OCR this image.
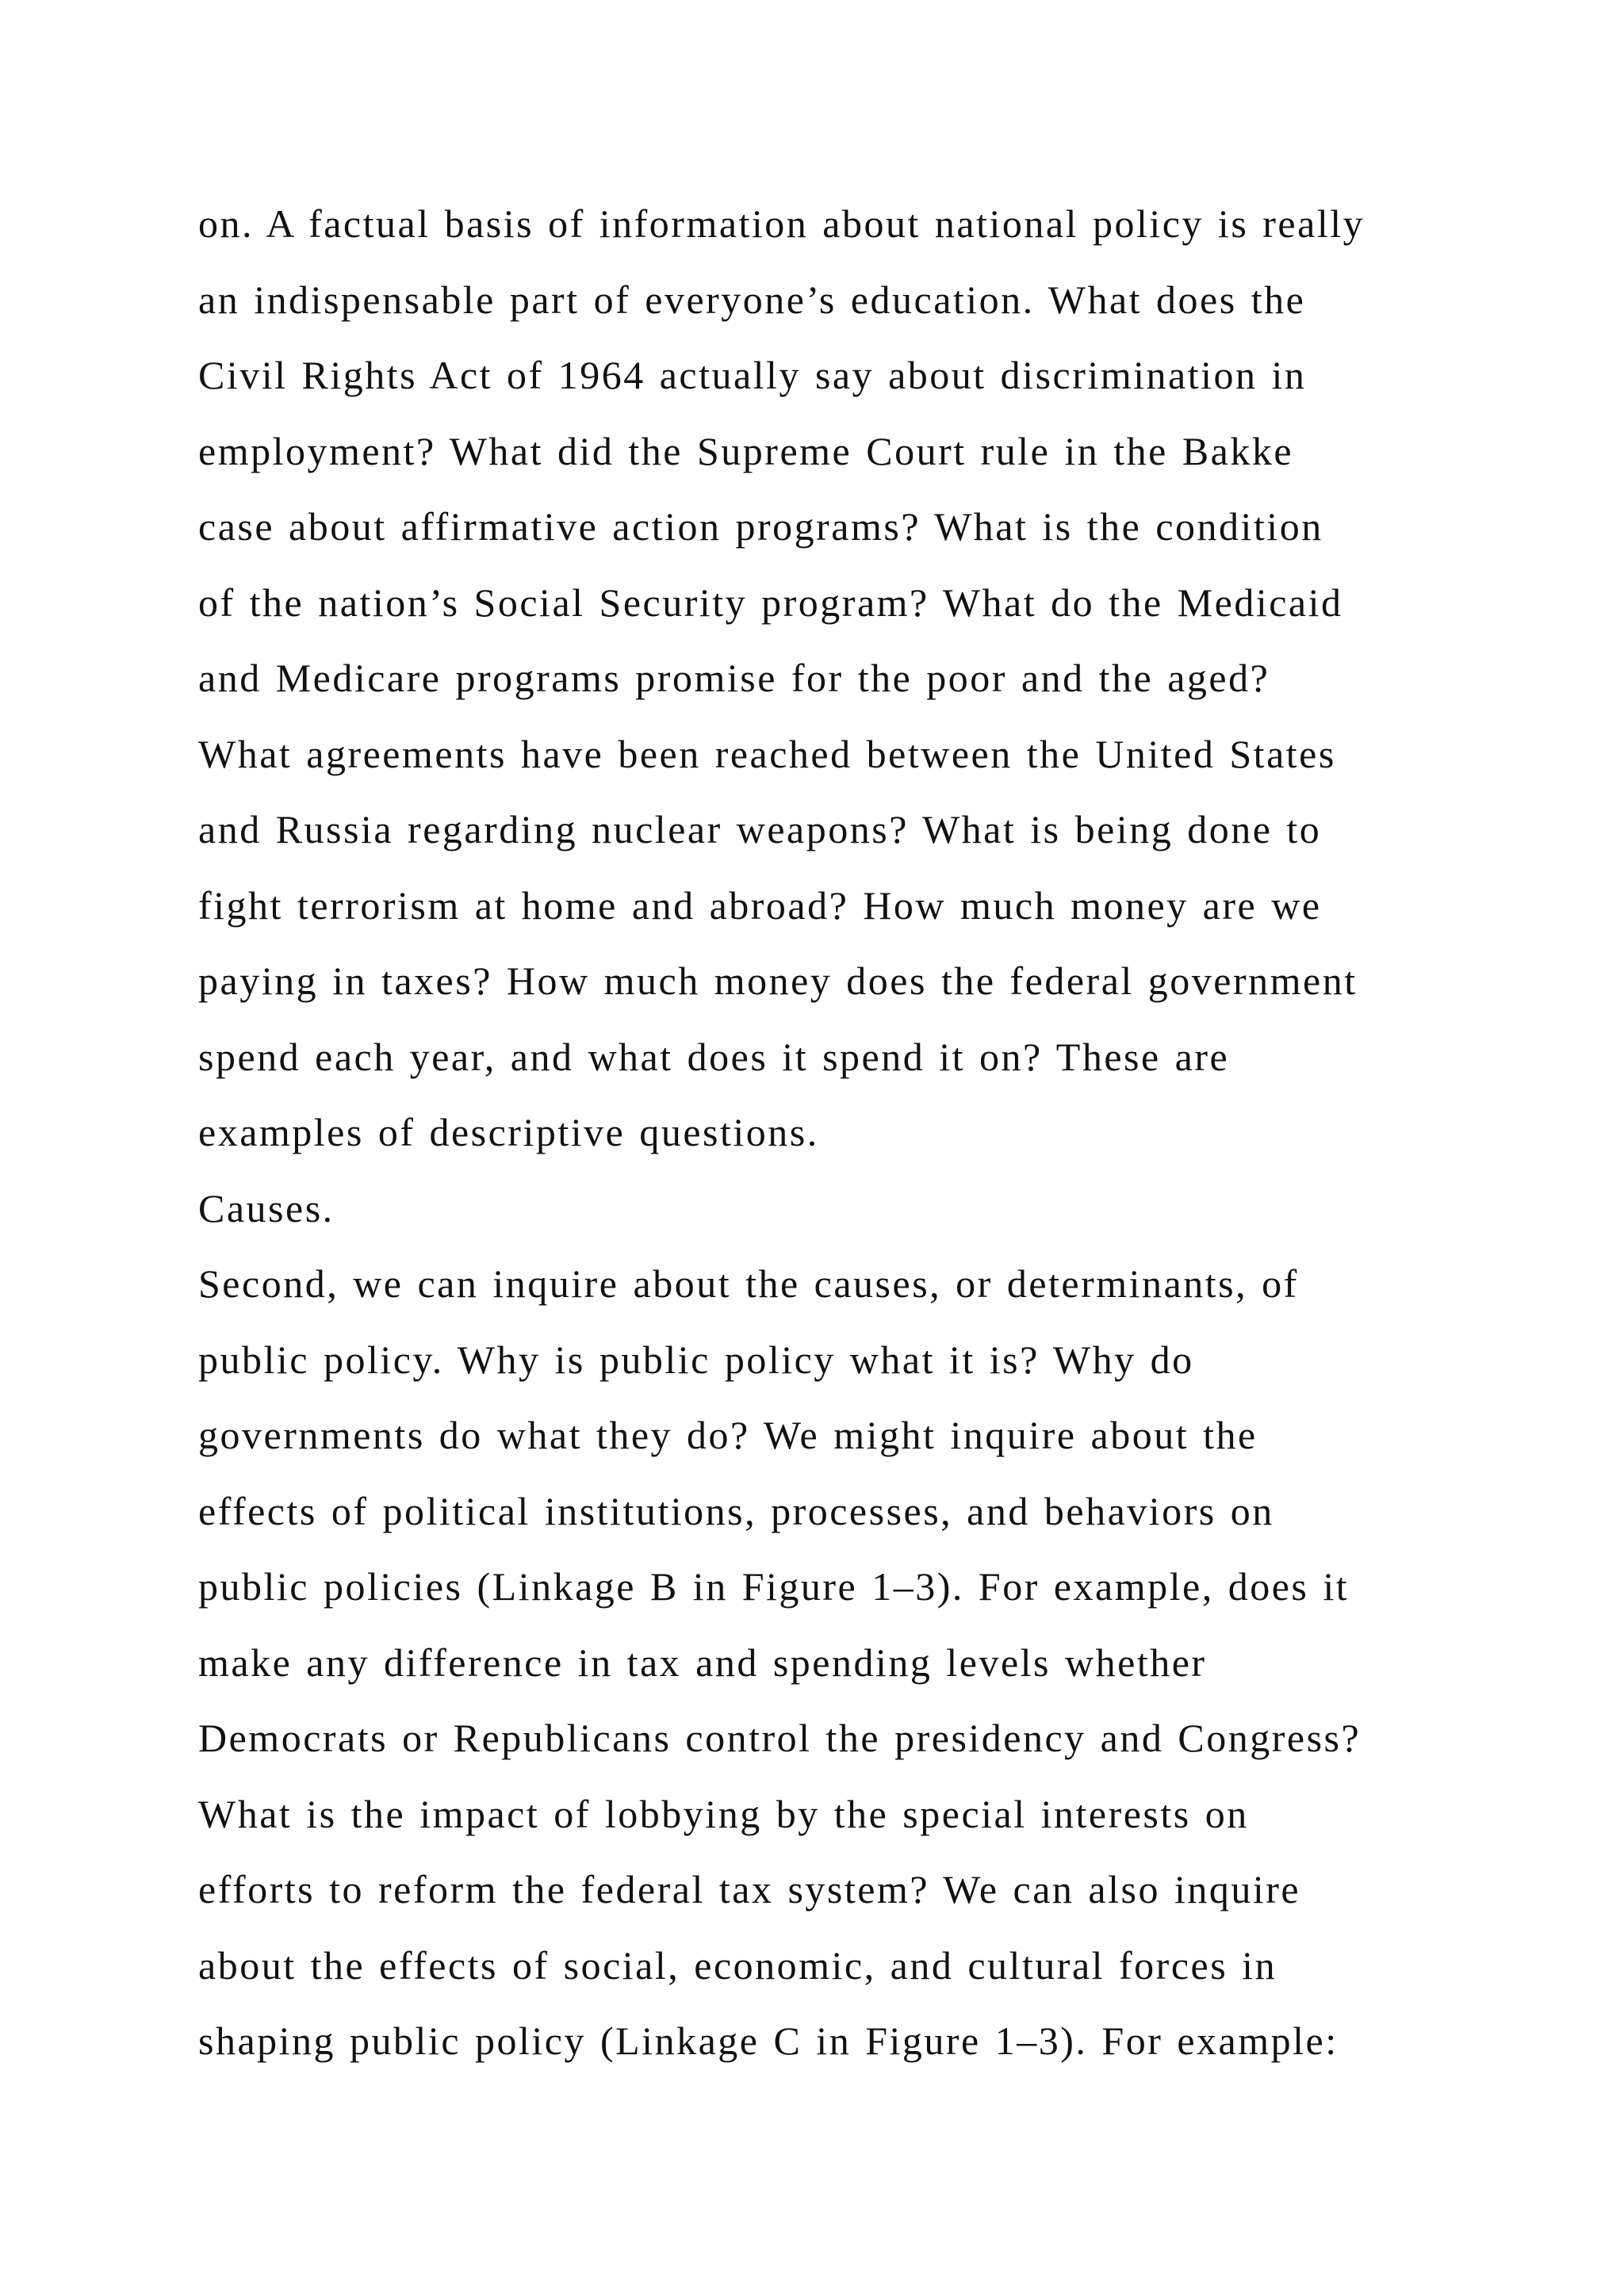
on. A factual basis of information about national policy is really
an indispensable part of everyone’s education. What does the
Civil Rights Act of 1964 actually say about discrimination in
employment? What did the Supreme Court rule in the Bakke
case about affirmative action programs? What is the condition
of the nation’s Social Security program? What do the Medicaid
and Medicare programs promise for the poor and the aged?
What agreements have been reached between the United States
and Russia regarding nuclear weapons? What is being done to
fight terrorism at home and abroad? How much money are we
paying in taxes? How much money does the federal government
spend each year, and what does it spend it on? These are
examples of descriptive questions.
Causes.
Second, we can inquire about the causes, or determinants, of
public policy. Why is public policy what it is? Why do
governments do what they do? We might inquire about the
effects of political institutions, processes, and behaviors on
public policies (Linkage B in Figure 1–3). For example, does it
make any difference in tax and spending levels whether
Democrats or Republicans control the presidency and Congress?
What is the impact of lobbying by the special interests on
efforts to reform the federal tax system? We can also inquire
about the effects of social, economic, and cultural forces in
shaping public policy (Linkage C in Figure 1–3). For example:
